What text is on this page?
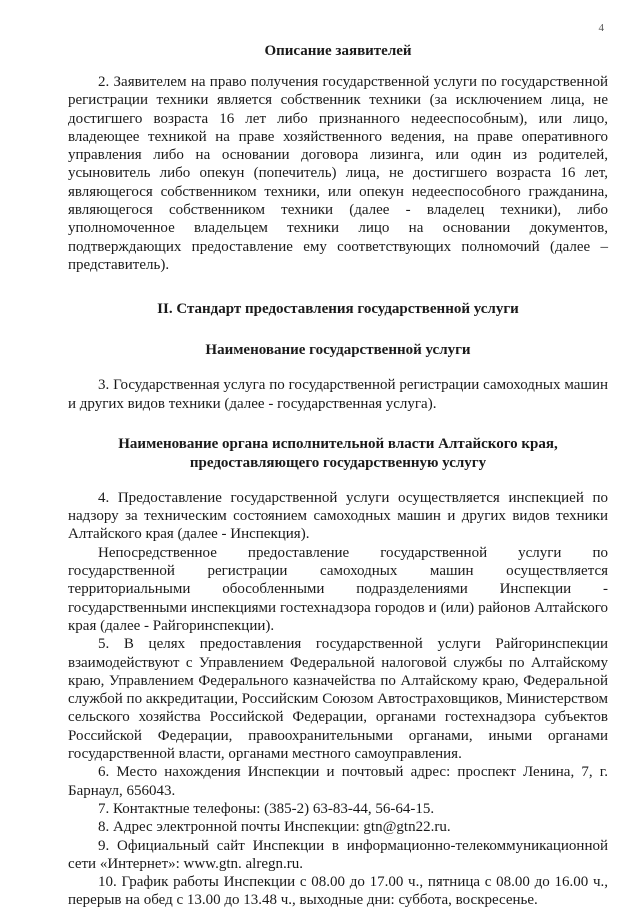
4
Описание заявителей

2. Заявителем на право получения государственной услуги по государственной регистрации техники является собственник техники (за исключением лица, не достигшего возраста 16 лет либо признанного недееспособным), или лицо, владеющее техникой на праве хозяйственного ведения, на праве оперативного управления либо на основании договора лизинга, или один из родителей, усыновитель либо опекун (попечитель) лица, не достигшего возраста 16 лет, являющегося собственником техники, или опекун недееспособного гражданина, являющегося собственником техники (далее - владелец техники), либо уполномоченное владельцем техники лицо на основании документов, подтверждающих предоставление ему соответствующих полномочий (далее – представитель).

II. Стандарт предоставления государственной услуги
Наименование государственной услуги

3. Государственная услуга по государственной регистрации самоходных машин и других видов техники (далее - государственная услуга).

Наименование органа исполнительной власти Алтайского края,
предоставляющего государственную услугу

4. Предоставление государственной услуги осуществляется инспекцией по надзору за техническим состоянием самоходных машин и других видов техники Алтайского края (далее - Инспекция).

Непосредственное предоставление государственной услуги по государственной регистрации самоходных машин осуществляется территориальными обособленными подразделениями Инспекции - государственными инспекциями гостехнадзора городов и (или) районов Алтайского края (далее - Райгоринспекции).

5. В целях предоставления государственной услуги Райгоринспекции взаимодействуют с Управлением Федеральной налоговой службы по Алтайскому краю, Управлением Федерального казначейства по Алтайскому краю, Федеральной службой по аккредитации, Российским Союзом Автостраховщиков, Министерством сельского хозяйства Российской Федерации, органами гостехнадзора субъектов Российской Федерации, правоохранительными органами, иными органами государственной власти, органами местного самоуправления.

6. Место нахождения Инспекции и почтовый адрес: проспект Ленина, 7, г. Барнаул, 656043.

7. Контактные телефоны: (385-2) 63-83-44, 56-64-15.

8. Адрес электронной почты Инспекции: gtn@gtn22.ru.

9. Официальный сайт Инспекции в информационно-телекоммуникационной сети «Интернет»: www.gtn. alregn.ru.

10. График работы Инспекции с 08.00 до 17.00 ч., пятница с 08.00 до 16.00 ч., перерыв на обед с 13.00 до 13.48 ч., выходные дни: суббота, воскресенье.
